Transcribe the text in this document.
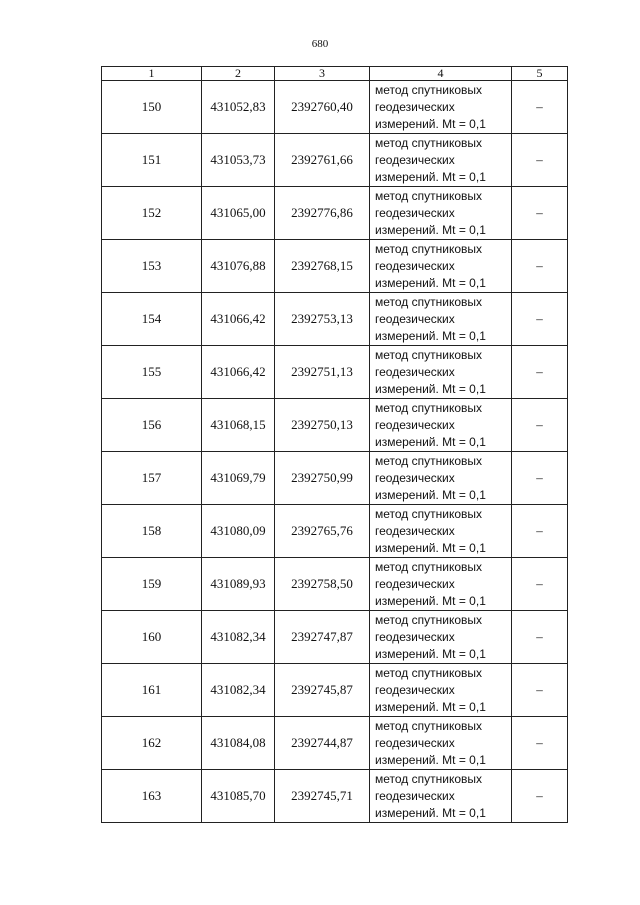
680
1	2	3	4	5
150	431052,83	2392760,40	метод спутниковых
геодезических
измерений. Mt = 0,1	–
151	431053,73	2392761,66	метод спутниковых
геодезических
измерений. Mt = 0,1	–
152	431065,00	2392776,86	метод спутниковых
геодезических
измерений. Mt = 0,1	–
153	431076,88	2392768,15	метод спутниковых
геодезических
измерений. Mt = 0,1	–
154	431066,42	2392753,13	метод спутниковых
геодезических
измерений. Mt = 0,1	–
155	431066,42	2392751,13	метод спутниковых
геодезических
измерений. Mt = 0,1	–
156	431068,15	2392750,13	метод спутниковых
геодезических
измерений. Mt = 0,1	–
157	431069,79	2392750,99	метод спутниковых
геодезических
измерений. Mt = 0,1	–
158	431080,09	2392765,76	метод спутниковых
геодезических
измерений. Mt = 0,1	–
159	431089,93	2392758,50	метод спутниковых
геодезических
измерений. Mt = 0,1	–
160	431082,34	2392747,87	метод спутниковых
геодезических
измерений. Mt = 0,1	–
161	431082,34	2392745,87	метод спутниковых
геодезических
измерений. Mt = 0,1	–
162	431084,08	2392744,87	метод спутниковых
геодезических
измерений. Mt = 0,1	–
163	431085,70	2392745,71	метод спутниковых
геодезических
измерений. Mt = 0,1	–
